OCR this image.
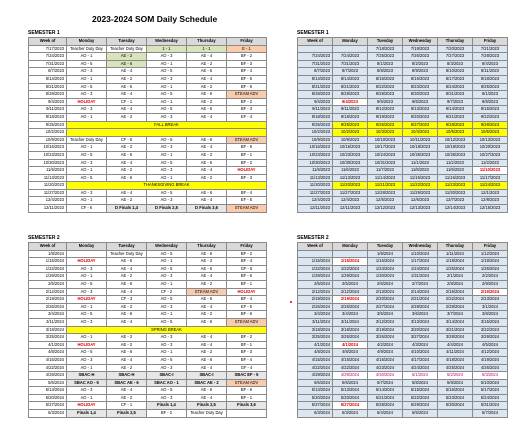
2023-2024 SOM Daily Schedule
SEMESTER 1	SEMESTER 1
SEMESTER 2	SEMESTER 2
Week of	Monday	Tuesday	Wednesday	Thursday	Friday
7/17/2023	Teacher Duty Day	Teacher Duty Day	1 - 1	1 - 1	E - 1
7/24/2023	AO - 1	AE - 2	AO - 3	AE - 4	BF - 2
7/31/2023	AO - 5	AE - 6	AO - 1	AE - 2	BF - 3
8/7/2023	AO - 3	AE - 4	AO - 5	AE - 6	BF - 4
8/14/2023	AO - 1	AE - 2	AO - 3	AE - 4	BF - 5
8/21/2023	AO - 5	AE - 6	AO - 1	AE - 2	BF - 6
8/28/2023	AO - 3	AE - 4	AO - 5	AE - 6	STEAM ADV
9/4/2023	HOLIDAY	CF - 1	AO - 1	AE - 2	BF - 2
9/11/2023	AO - 3	AE - 4	AO - 5	AE - 6	BF - 3
9/18/2023	AO - 1	AE - 2	AO - 3	AE - 4	EF - 4
9/25/2023	FALL BREAK				
10/2/2023					
10/9/2023	Teacher Duty Day	CF - 5	AO - 5	AE - 6	STEAM ADV
10/16/2023	AO - 1	AE - 2	AO - 3	AE - 4	BF - 6
10/23/2023	AO - 5	AE - 6	AO - 1	AE - 2	BF - 1
10/30/2023	AO - 3	AE - 4	AO - 5	AE - 6	BF - 2
11/6/2023	AO - 1	AE - 2	AO - 3	AE - 4	HOLIDAY
11/13/2023	AO - 5	AE - 6	AO - 1	AE - 2	BF - 3
11/20/2023	THANKSGIVING BREAK				
11/27/2023	AO - 3	AE - 4	AO - 5	AE - 6	BF - 4
12/4/2023	AO - 1	AE - 2	AO - 3	AE - 4	EF - 5
12/11/2023	CF - 6	D Finals 1,4	D Finals 2,5	D Finals 3,6	STEAM ADV
Week of	Monday	Tuesday	Wednesday	Thursday	Friday
		7/18/2023	7/19/2023	7/20/2023	7/21/2023
7/24/2023	7/24/2023	7/25/2023	7/26/2023	7/27/2023	7/28/2023
7/31/2023	7/31/2023	8/1/2023	8/2/2023	8/3/2023	8/4/2023
8/7/2023	8/7/2023	8/8/2023	8/9/2023	8/10/2023	8/11/2023
8/14/2023	8/14/2023	8/15/2023	8/16/2023	8/17/2023	8/18/2023
8/21/2023	8/21/2023	8/22/2023	8/23/2023	8/24/2023	8/25/2023
8/28/2023	8/28/2023	8/29/2023	8/30/2023	8/31/2023	9/1/2023
9/4/2023	9/4/2023	9/5/2023	9/6/2023	9/7/2023	9/8/2023
9/11/2023	9/11/2023	9/12/2023	9/13/2023	9/14/2023	9/15/2023
9/18/2023	9/18/2023	9/19/2023	9/20/2023	9/21/2023	9/22/2023
9/25/2023	9/25/2023	9/26/2023	9/27/2023	9/28/2023	9/29/2023
10/2/2023	10/2/2023	10/3/2023	10/4/2023	10/5/2023	10/6/2023
10/9/2023	10/9/2023	10/10/2023	10/11/2023	10/12/2023	10/13/2023
10/16/2023	10/16/2023	10/17/2023	10/18/2023	10/19/2023	10/20/2023
10/23/2023	10/23/2023	10/24/2023	10/25/2023	10/26/2023	10/27/2023
10/30/2023	10/30/2023	10/31/2023	11/1/2023	11/2/2023	11/3/2023
11/6/2023	11/6/2023	11/7/2023	11/8/2023	11/9/2023	11/10/2023
11/13/2023	11/13/2023	11/14/2023	11/15/2023	11/16/2023	11/17/2023
11/20/2023	11/20/2023	11/21/2023	11/22/2023	11/23/2023	11/24/2023
11/27/2023	11/27/2023	11/28/2023	11/29/2023	11/30/2023	12/1/2023
12/4/2023	12/4/2023	12/5/2023	12/6/2023	12/7/2023	12/8/2023
12/11/2023	12/11/2023	12/12/2023	12/13/2023	12/14/2023	12/15/2023
Week of	Monday	Tuesday	Wednesday	Thursday	Friday
1/8/2024		Teacher Duty Day	AO - 5	AE - 6	BF - 2
1/15/2024	HOLIDAY	AE - 6	AO - 1	AE - 2	BF - 4
1/22/2024	AO - 3	AE - 4	AO - 5	AE - 6	GF - 5
1/29/2024	AO - 1	AE - 2	AO - 3	AE - 4	BF - 6
2/5/2024	AO - 5	AE - 6	AO - 1	AE - 2	BF - 1
2/12/2024	AO - 3	AE - 4	CF - 2	STEAM ADV	HOLIDAY
2/19/2024	HOLIDAY	CF - 3	AO - 5	AE - 6	BF - 4
2/26/2024	AO - 1	AE - 2	AO - 3	AE - 4	EF - 5
3/4/2024	AO - 5	AE - 6	AO - 1	AE - 2	BF - 6
3/11/2024	AO - 3	AE - 4	AO - 5	AE - 6	STEAM ADV
3/18/2024	SPRING BREAK				
3/25/2024	AO - 1	AE - 2	AO - 3	AE - 4	BF - 2
4/1/2024	HOLIDAY	AE - 2	AO - 3	AE - 4	BF - 1
4/8/2024	AO - 5	AE - 6	AO - 1	AE - 2	BF - 3
4/15/2024	AO - 3	AE - 4	AO - 5	AE - 6	BF - 4
4/22/2024	AO - 1	AE - 2	AO - 3	AE - 4	GF - 4
4/29/2024	SBAC-H	SBAC-H	SBAC-I	SBAC-I	SBAC EF - 5
5/6/2024	SBAC AO - 5	SBAC AE - 6	SBAC AO - 1	SBAC AE - 2	STEAM ADV
5/13/2024	AO - 3	AE - 4	AO - 5	AE - 6	BF - 6
5/20/2024	AO - 1	AE - 2	AO - 3	AE - 4	BF - 1
5/27/2024	HOLIDAY	CF - 1	Finals 1,4	Finals 2,5	Finals 3,6
6/3/2024	Finals 1,4	Finals 2,5	BF - 2	Teacher Duty Day	
Week of	Monday	Tuesday	Wednesday	Thursday	Friday
		1/9/2024	1/10/2024	1/11/2024	1/12/2024
1/15/2024	1/15/2024	1/16/2024	1/17/2024	1/18/2024	1/19/2024
1/22/2024	1/22/2024	1/23/2024	1/24/2024	1/25/2024	1/26/2024
1/29/2024	1/29/2024	1/30/2024	1/31/2024	2/1/2024	2/2/2024
2/5/2024	2/5/2024	2/6/2024	2/7/2024	2/8/2024	2/9/2024
2/12/2024	2/12/2024	2/13/2024	2/14/2024	2/15/2024	2/16/2024
2/19/2024	2/19/2024	2/20/2024	2/21/2024	2/22/2024	2/23/2024
2/26/2024	2/26/2024	2/27/2024	2/28/2024	2/29/2024	3/1/2024
3/4/2024	3/4/2024	3/5/2024	3/6/2024	3/7/2024	3/8/2024
3/11/2024	3/11/2024	3/12/2024	3/13/2024	3/14/2024	3/15/2024
3/18/2024	3/18/2024	3/19/2024	3/20/2024	3/21/2024	3/22/2024
3/25/2024	3/25/2024	3/26/2024	3/27/2024	3/28/2024	3/29/2024
4/1/2024	4/1/2024	4/2/2024	4/3/2024	4/4/2024	4/5/2024
4/8/2024	4/8/2024	4/9/2024	4/10/2024	4/11/2024	4/12/2024
4/15/2024	4/15/2024	4/16/2024	4/17/2024	4/18/2024	4/19/2024
4/22/2024	4/22/2024	4/23/2024	4/24/2024	4/25/2024	4/26/2024
4/29/2024	4/29/2024	4/30/2024	5/1/2024	5/2/2024	5/3/2024
5/6/2024	5/6/2024	5/7/2024	5/8/2024	5/9/2024	5/10/2024
5/13/2024	5/13/2024	5/14/2024	5/15/2024	5/16/2024	5/17/2024
5/20/2024	5/20/2024	5/21/2024	5/22/2024	5/23/2024	5/24/2024
5/27/2024	5/27/2024	5/28/2024	5/29/2024	5/30/2024	5/31/2024
6/3/2024	6/3/2024	6/4/2024	6/5/2024		6/7/2024
